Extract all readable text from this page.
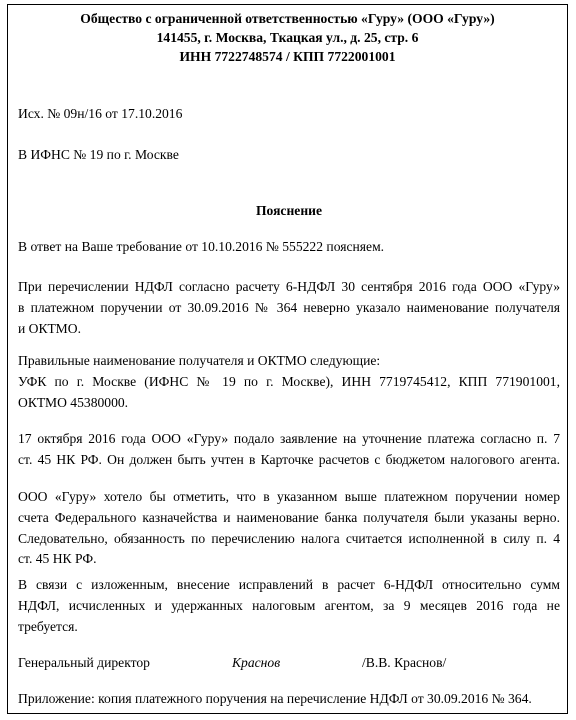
Общество с ограниченной ответственностью «Гуру» (ООО «Гуру»)
141455, г. Москва, Ткацкая ул., д. 25, стр. 6
ИНН 7722748574 / КПП 7722001001
Исх. № 09н/16 от 17.10.2016
В ИФНС № 19 по г. Москве
Пояснение
В ответ на Ваше требование от 10.10.2016 № 555222 поясняем.
При перечислении НДФЛ согласно расчету 6-НДФЛ 30 сентября 2016 года ООО «Гуру»
в платежном поручении от 30.09.2016 № 364 неверно указало наименование получателя
и ОКТМО.
Правильные наименование получателя и ОКТМО следующие:
УФК по г. Москве (ИФНС № 19 по г. Москве), ИНН 7719745412, КПП 771901001,
ОКТМО 45380000.
17 октября 2016 года ООО «Гуру» подало заявление на уточнение платежа согласно п. 7
ст. 45 НК РФ. Он должен быть учтен в Карточке расчетов с бюджетом налогового агента.
ООО «Гуру» хотело бы отметить, что в указанном выше платежном поручении номер
счета Федерального казначейства и наименование банка получателя были указаны верно.
Следовательно, обязанность по перечислению налога считается исполненной в силу п. 4
ст. 45 НК РФ.
В связи с изложенным, внесение исправлений в расчет 6-НДФЛ относительно сумм
НДФЛ, исчисленных и удержанных налоговым агентом, за 9 месяцев 2016 года не
требуется.
Генеральный директор	Краснов	/В.В. Краснов/
Приложение: копия платежного поручения на перечисление НДФЛ от 30.09.2016 № 364.
